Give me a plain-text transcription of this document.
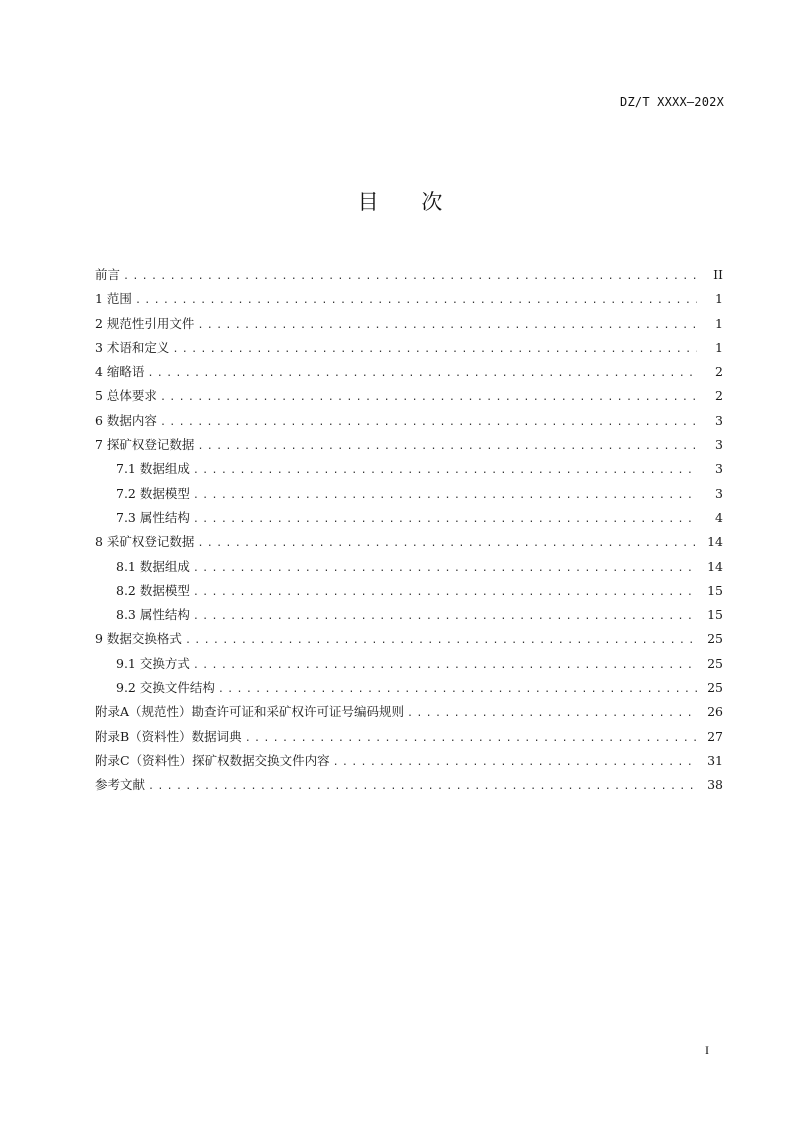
DZ/T XXXX—202X
目 次
前言 .....	II
1 范围 .....	1
2 规范性引用文件 .....	1
3 术语和定义 .....	1
4 缩略语 .....	2
5 总体要求 .....	2
6 数据内容 .....	3
7 探矿权登记数据 .....	3
7.1 数据组成 .....	3
7.2 数据模型 .....	3
7.3 属性结构 .....	4
8 采矿权登记数据 .....	14
8.1 数据组成 .....	14
8.2 数据模型 .....	15
8.3 属性结构 .....	15
9 数据交换格式 .....	25
9.1 交换方式 .....	25
9.2 交换文件结构 .....	25
附录A（规范性）勘查许可证和采矿权许可证号编码规则 .....	26
附录B（资料性）数据词典 .....	27
附录C（资料性）探矿权数据交换文件内容 .....	31
参考文献 .....	38
I
